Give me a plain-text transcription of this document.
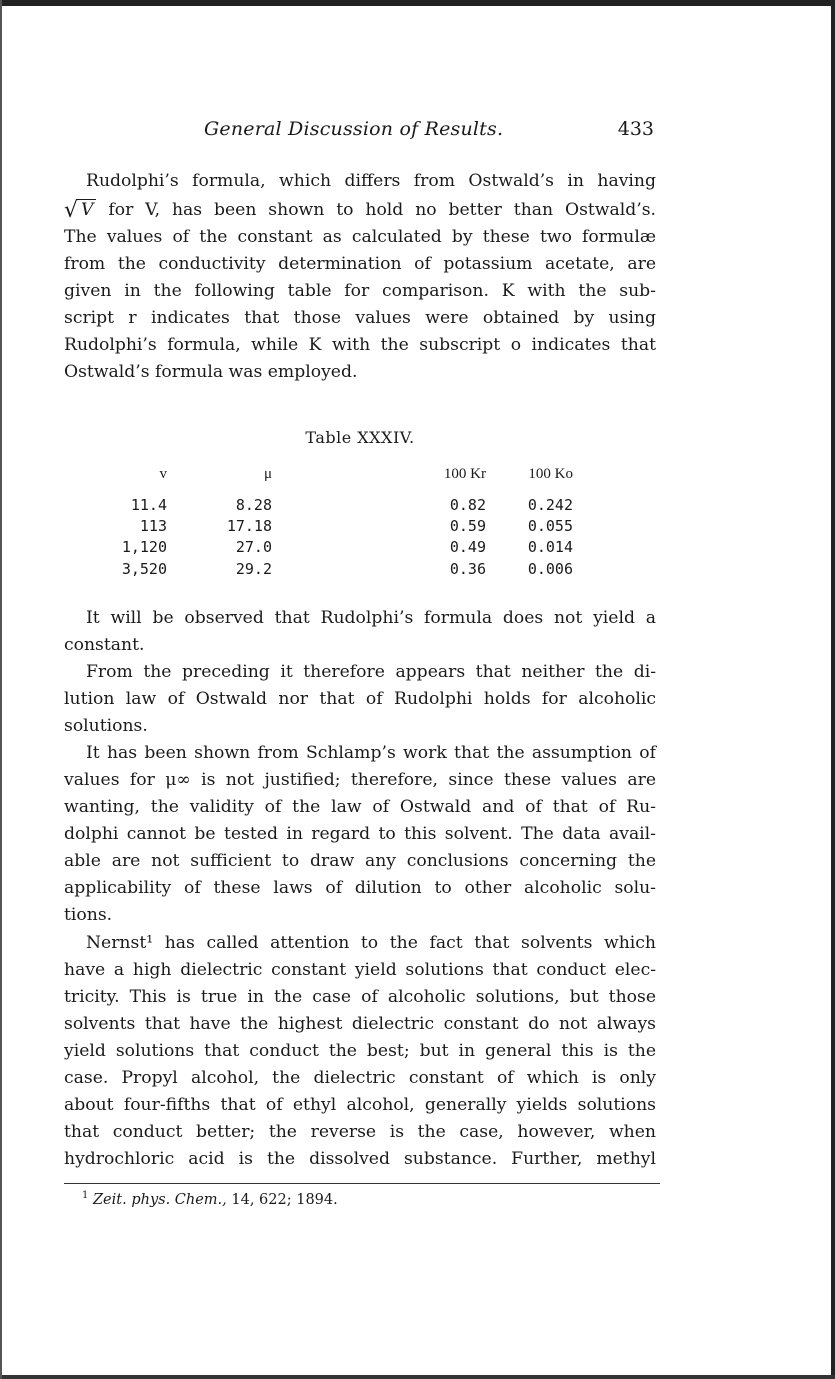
General Discussion of Results.	433
Rudolphi’s formula, which differs from Ostwald’s in having
√ V for V, has been shown to hold no better than Ostwald’s.
The values of the constant as calculated by these two formulæ
from the conductivity determination of potassium acetate, are
given in the following table for comparison. K with the sub-
script r indicates that those values were obtained by using
Rudolphi’s formula, while K with the subscript o indicates that
Ostwald’s formula was employed.
Table XXXIV.
v	μ	100 Kr	100 Ko
11.4	8.28	0.82	0.242
113	17.18	0.59	0.055
1,120	27.0	0.49	0.014
3,520	29.2	0.36	0.006
It will be observed that Rudolphi’s formula does not yield a
constant.
From the preceding it therefore appears that neither the di-
lution law of Ostwald nor that of Rudolphi holds for alcoholic
solutions.
It has been shown from Schlamp’s work that the assumption of
values for μ∞ is not justified; therefore, since these values are
wanting, the validity of the law of Ostwald and of that of Ru-
dolphi cannot be tested in regard to this solvent. The data avail-
able are not sufficient to draw any conclusions concerning the
applicability of these laws of dilution to other alcoholic solu-
tions.
Nernst¹ has called attention to the fact that solvents which
have a high dielectric constant yield solutions that conduct elec-
tricity. This is true in the case of alcoholic solutions, but those
solvents that have the highest dielectric constant do not always
yield solutions that conduct the best; but in general this is the
case. Propyl alcohol, the dielectric constant of which is only
about four-fifths that of ethyl alcohol, generally yields solutions
that conduct better; the reverse is the case, however, when
hydrochloric acid is the dissolved substance. Further, methyl
$^1$ Zeit. phys. Chem., 14, 622; 1894.
